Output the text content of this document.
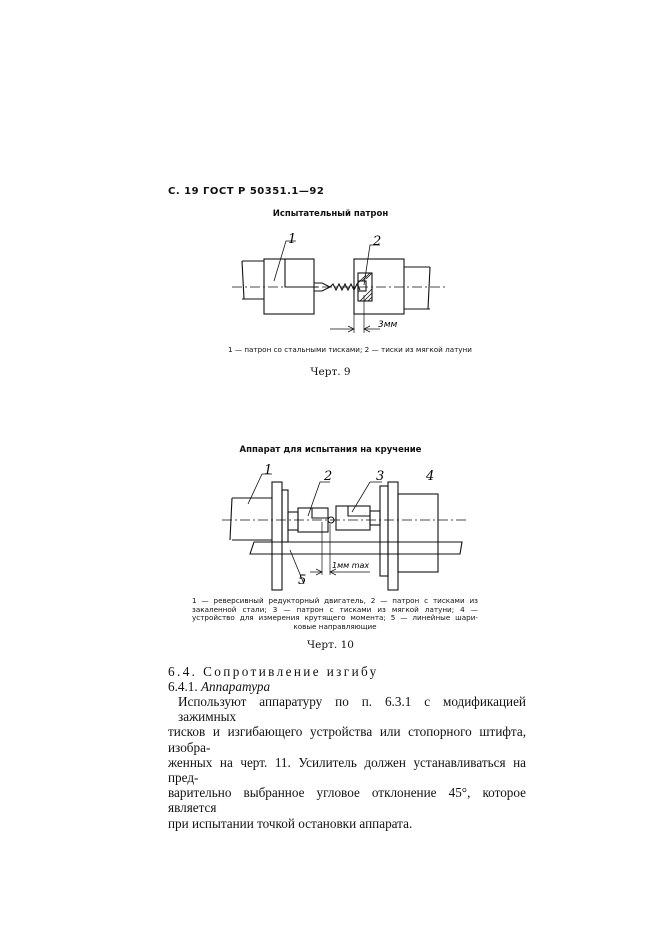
С. 19 ГОСТ Р 50351.1—92
Испытательный патрон
1	2
3мм
1 — патрон со стальными тисками; 2 — тиски из мягкой латуни
Черт. 9
Аппарат для испытания на кручение
1	2	3	4
5
1мм max
1 — реверсивный редукторный двигатель, 2 — патрон с тисками из
закаленной стали; 3 — патрон с тисками из мягкой латуни; 4 —
устройство для измерения крутящего момента; 5 — линейные шари-
ковые направляющие
Черт. 10
6.4. Сопротивление изгибу
6.4.1. Аппаратура
Используют аппаратуру по п. 6.3.1 с модификацией зажимных
тисков и изгибающего устройства или стопорного штифта, изобра-
женных на черт. 11. Усилитель должен устанавливаться на пред-
варительно выбранное угловое отклонение 45°, которое является
при испытании точкой остановки аппарата.
